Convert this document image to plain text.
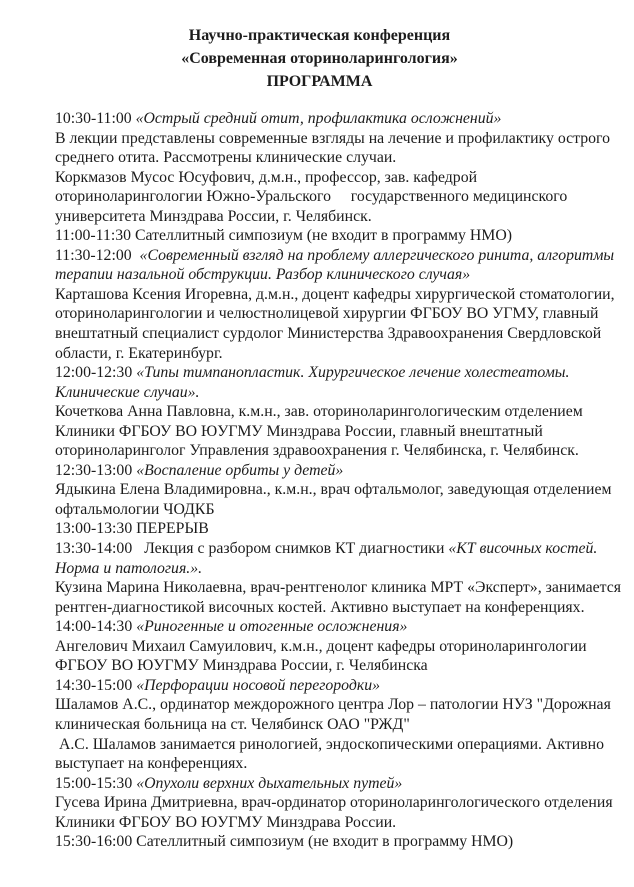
Научно-практическая конференция
«Современная оториноларингология»
ПРОГРАММА
10:30-11:00 «Острый средний отит, профилактика осложнений»
В лекции представлены современные взгляды на лечение и профилактику острого
среднего отита. Рассмотрены клинические случаи.
Коркмазов Мусос Юсуфович, д.м.н., профессор, зав. кафедрой
оториноларингологии Южно-Уральского     государственного медицинского
университета Минздрава России, г. Челябинск.
11:00-11:30 Сателлитный симпозиум (не входит в программу НМО)
11:30-12:00  «Современный взгляд на проблему аллергического ринита, алгоритмы
терапии назальной обструкции. Разбор клинического случая»
Карташова Ксения Игоревна, д.м.н., доцент кафедры хирургической стоматологии,
оториноларингологии и челюстнолицевой хирургии ФГБОУ ВО УГМУ, главный
внештатный специалист сурдолог Министерства Здравоохранения Свердловской
области, г. Екатеринбург.
12:00-12:30 «Типы тимпанопластик. Хирургическое лечение холестеатомы.
Клинические случаи».
Кочеткова Анна Павловна, к.м.н., зав. оториноларингологическим отделением
Клиники ФГБОУ ВО ЮУГМУ Минздрава России, главный внештатный
оториноларинголог Управления здравоохранения г. Челябинска, г. Челябинск.
12:30-13:00 «Воспаление орбиты у детей»
Ядыкина Елена Владимировна., к.м.н., врач офтальмолог, заведующая отделением
офтальмологии ЧОДКБ
13:00-13:30 ПЕРЕРЫВ
13:30-14:00   Лекция с разбором снимков КТ диагностики «КТ височных костей.
Норма и патология.».
Кузина Марина Николаевна, врач-рентгенолог клиника МРТ «Эксперт», занимается
рентген-диагностикой височных костей. Активно выступает на конференциях.
14:00-14:30 «Риногенные и отогенные осложнения»
Ангелович Михаил Самуилович, к.м.н., доцент кафедры оториноларингологии
ФГБОУ ВО ЮУГМУ Минздрава России, г. Челябинска
14:30-15:00 «Перфорации носовой перегородки»
Шаламов А.С., ординатор междорожного центра Лор – патологии НУЗ "Дорожная
клиническая больница на ст. Челябинск ОАО "РЖД"
А.С. Шаламов занимается ринологией, эндоскопическими операциями. Активно
выступает на конференциях.
15:00-15:30 «Опухоли верхних дыхательных путей»
Гусева Ирина Дмитриевна, врач-ординатор оториноларингологического отделения
Клиники ФГБОУ ВО ЮУГМУ Минздрава России.
15:30-16:00 Сателлитный симпозиум (не входит в программу НМО)
